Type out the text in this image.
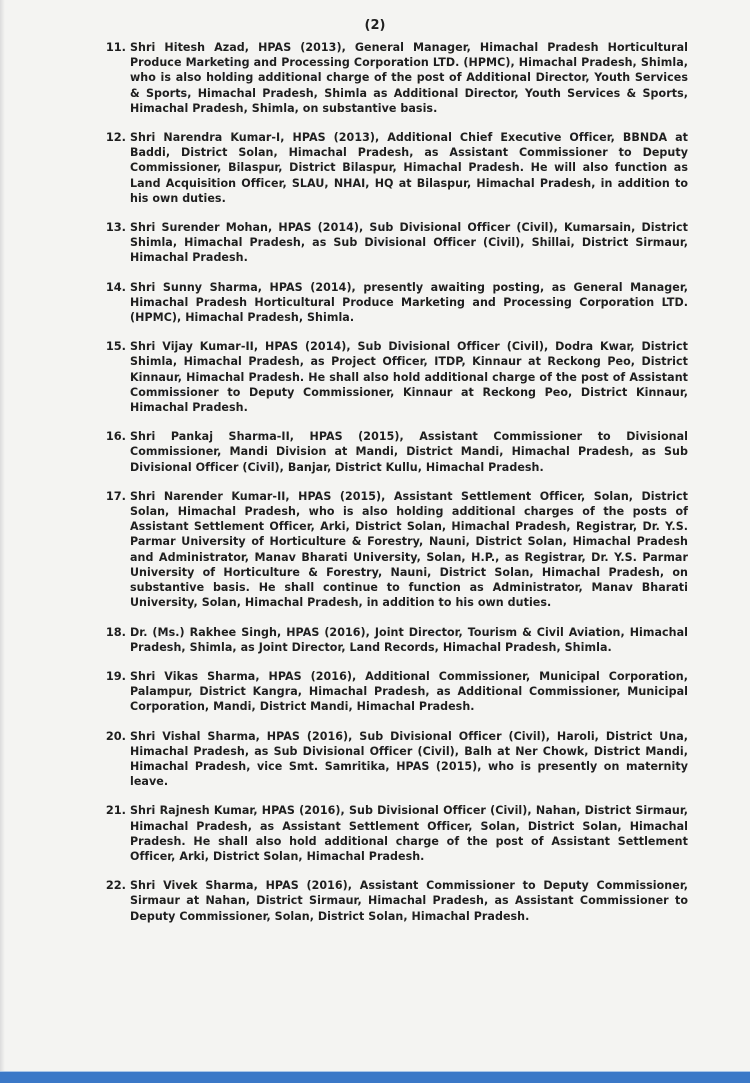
(2)
11. Shri Hitesh Azad, HPAS (2013), General Manager, Himachal Pradesh Horticultural Produce Marketing and Processing Corporation LTD. (HPMC), Himachal Pradesh, Shimla, who is also holding additional charge of the post of Additional Director, Youth Services & Sports, Himachal Pradesh, Shimla as Additional Director, Youth Services & Sports, Himachal Pradesh, Shimla, on substantive basis.
12. Shri Narendra Kumar-I, HPAS (2013), Additional Chief Executive Officer, BBNDA at Baddi, District Solan, Himachal Pradesh, as Assistant Commissioner to Deputy Commissioner, Bilaspur, District Bilaspur, Himachal Pradesh. He will also function as Land Acquisition Officer, SLAU, NHAI, HQ at Bilaspur, Himachal Pradesh, in addition to his own duties.
13. Shri Surender Mohan, HPAS (2014), Sub Divisional Officer (Civil), Kumarsain, District Shimla, Himachal Pradesh, as Sub Divisional Officer (Civil), Shillai, District Sirmaur, Himachal Pradesh.
14. Shri Sunny Sharma, HPAS (2014), presently awaiting posting, as General Manager, Himachal Pradesh Horticultural Produce Marketing and Processing Corporation LTD. (HPMC), Himachal Pradesh, Shimla.
15. Shri Vijay Kumar-II, HPAS (2014), Sub Divisional Officer (Civil), Dodra Kwar, District Shimla, Himachal Pradesh, as Project Officer, ITDP, Kinnaur at Reckong Peo, District Kinnaur, Himachal Pradesh. He shall also hold additional charge of the post of Assistant Commissioner to Deputy Commissioner, Kinnaur at Reckong Peo, District Kinnaur, Himachal Pradesh.
16. Shri Pankaj Sharma-II, HPAS (2015), Assistant Commissioner to Divisional Commissioner, Mandi Division at Mandi, District Mandi, Himachal Pradesh, as Sub Divisional Officer (Civil), Banjar, District Kullu, Himachal Pradesh.
17. Shri Narender Kumar-II, HPAS (2015), Assistant Settlement Officer, Solan, District Solan, Himachal Pradesh, who is also holding additional charges of the posts of Assistant Settlement Officer, Arki, District Solan, Himachal Pradesh, Registrar, Dr. Y.S. Parmar University of Horticulture & Forestry, Nauni, District Solan, Himachal Pradesh and Administrator, Manav Bharati University, Solan, H.P., as Registrar, Dr. Y.S. Parmar University of Horticulture & Forestry, Nauni, District Solan, Himachal Pradesh, on substantive basis. He shall continue to function as Administrator, Manav Bharati University, Solan, Himachal Pradesh, in addition to his own duties.
18. Dr. (Ms.) Rakhee Singh, HPAS (2016), Joint Director, Tourism & Civil Aviation, Himachal Pradesh, Shimla, as Joint Director, Land Records, Himachal Pradesh, Shimla.
19. Shri Vikas Sharma, HPAS (2016), Additional Commissioner, Municipal Corporation, Palampur, District Kangra, Himachal Pradesh, as Additional Commissioner, Municipal Corporation, Mandi, District Mandi, Himachal Pradesh.
20. Shri Vishal Sharma, HPAS (2016), Sub Divisional Officer (Civil), Haroli, District Una, Himachal Pradesh, as Sub Divisional Officer (Civil), Balh at Ner Chowk, District Mandi, Himachal Pradesh, vice Smt. Samritika, HPAS (2015), who is presently on maternity leave.
21. Shri Rajnesh Kumar, HPAS (2016), Sub Divisional Officer (Civil), Nahan, District Sirmaur, Himachal Pradesh, as Assistant Settlement Officer, Solan, District Solan, Himachal Pradesh. He shall also hold additional charge of the post of Assistant Settlement Officer, Arki, District Solan, Himachal Pradesh.
22. Shri Vivek Sharma, HPAS (2016), Assistant Commissioner to Deputy Commissioner, Sirmaur at Nahan, District Sirmaur, Himachal Pradesh, as Assistant Commissioner to Deputy Commissioner, Solan, District Solan, Himachal Pradesh.
